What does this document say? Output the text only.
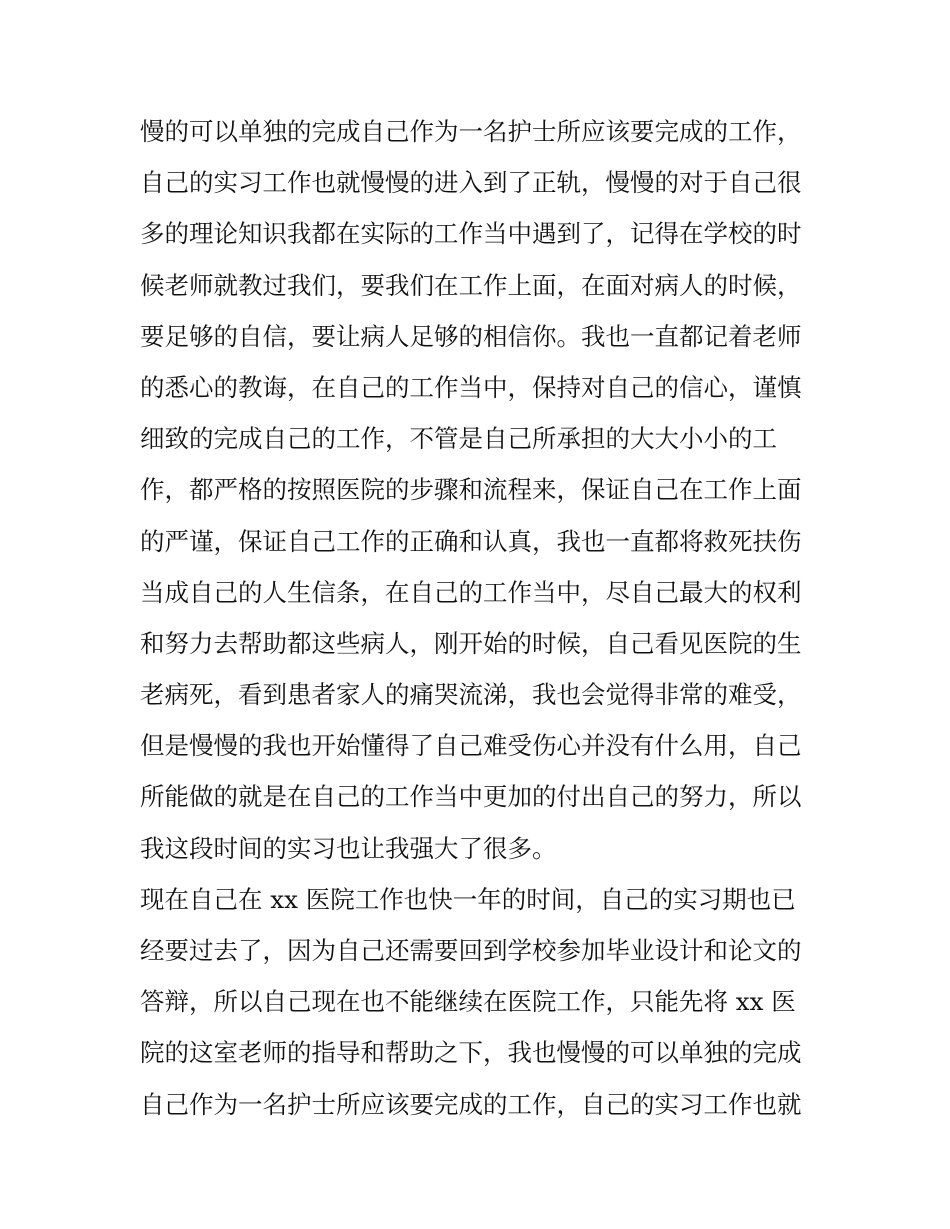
慢的可以单独的完成自己作为一名护士所应该要完成的工作，
自己的实习工作也就慢慢的进入到了正轨，慢慢的对于自己很
多的理论知识我都在实际的工作当中遇到了，记得在学校的时
候老师就教过我们，要我们在工作上面，在面对病人的时候，
要足够的自信，要让病人足够的相信你。我也一直都记着老师
的悉心的教诲，在自己的工作当中，保持对自己的信心，谨慎
细致的完成自己的工作，不管是自己所承担的大大小小的工
作，都严格的按照医院的步骤和流程来，保证自己在工作上面
的严谨，保证自己工作的正确和认真，我也一直都将救死扶伤
当成自己的人生信条，在自己的工作当中，尽自己最大的权利
和努力去帮助都这些病人，刚开始的时候，自己看见医院的生
老病死，看到患者家人的痛哭流涕，我也会觉得非常的难受，
但是慢慢的我也开始懂得了自己难受伤心并没有什么用，自己
所能做的就是在自己的工作当中更加的付出自己的努力，所以
我这段时间的实习也让我强大了很多。
现在自己在 xx 医院工作也快一年的时间，自己的实习期也已
经要过去了，因为自己还需要回到学校参加毕业设计和论文的
答辩，所以自己现在也不能继续在医院工作，只能先将 xx 医
院的这室老师的指导和帮助之下，我也慢慢的可以单独的完成
自己作为一名护士所应该要完成的工作，自己的实习工作也就
